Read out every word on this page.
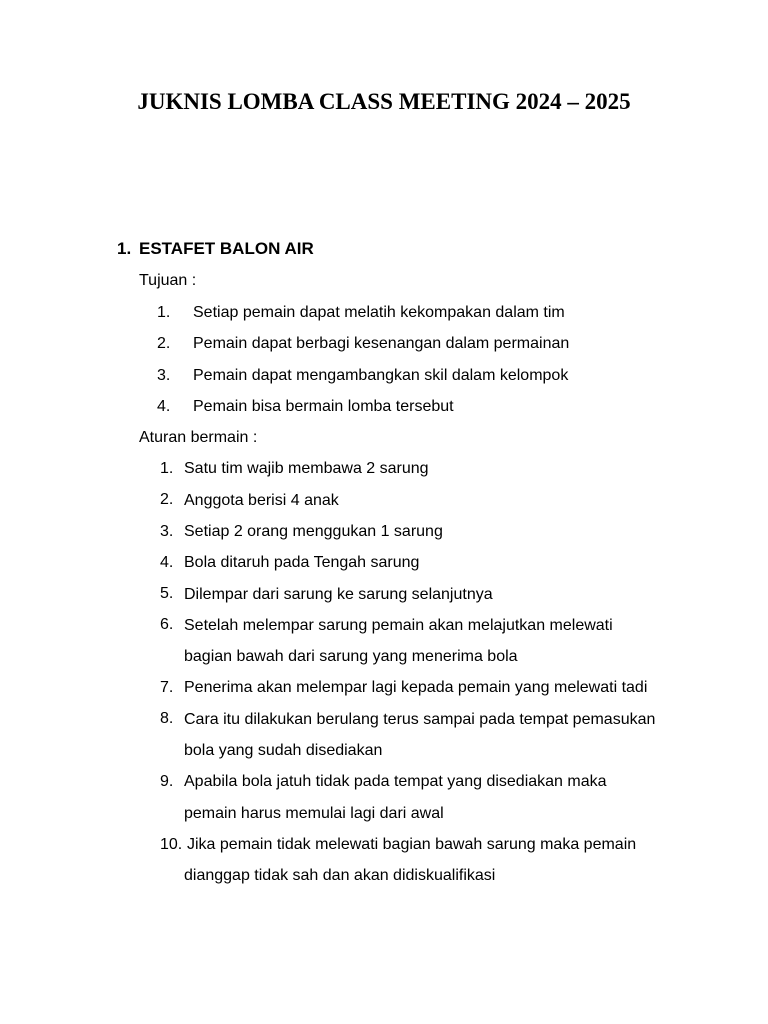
JUKNIS LOMBA CLASS MEETING 2024 – 2025
1. ESTAFET BALON AIR
Tujuan :
1. Setiap pemain dapat melatih kekompakan dalam tim
2. Pemain dapat berbagi kesenangan dalam permainan
3. Pemain dapat mengambangkan skil dalam kelompok
4. Pemain bisa bermain lomba tersebut
Aturan bermain :
1. Satu tim wajib membawa 2 sarung
2. Anggota berisi 4 anak
3. Setiap 2 orang menggukan 1 sarung
4. Bola ditaruh pada Tengah sarung
5. Dilempar dari sarung ke sarung selanjutnya
6. Setelah melempar sarung pemain akan melajutkan melewati
bagian bawah dari sarung yang menerima bola
7. Penerima akan melempar lagi kepada pemain yang melewati tadi
8. Cara itu dilakukan berulang terus sampai pada tempat pemasukan
bola yang sudah disediakan
9. Apabila bola jatuh tidak pada tempat yang disediakan maka
pemain harus memulai lagi dari awal
10. Jika pemain tidak melewati bagian bawah sarung maka pemain
dianggap tidak sah dan akan didiskualifikasi
